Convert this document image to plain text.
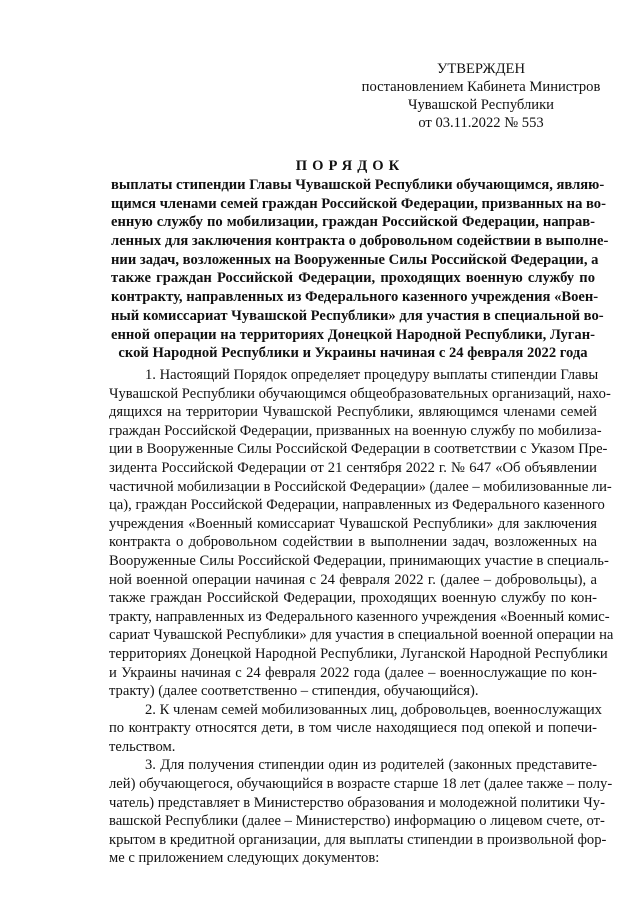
УТВЕРЖДЕН
постановлением Кабинета Министров
Чувашской Республики
от 03.11.2022 № 553
ПОРЯДОК
выплаты стипендии Главы Чувашской Республики обучающимся, являю-
щимся членами семей граждан Российской Федерации, призванных на во-
енную службу по мобилизации, граждан Российской Федерации, направ-
ленных для заключения контракта о добровольном содействии в выполне-
нии задач, возложенных на Вооруженные Силы Российской Федерации, а
также граждан Российской Федерации, проходящих военную службу по
контракту, направленных из Федерального казенного учреждения «Воен-
ный комиссариат Чувашской Республики» для участия в специальной во-
енной операции на территориях Донецкой Народной Республики, Луган-
ской Народной Республики и Украины начиная с 24 февраля 2022 года
1. Настоящий Порядок определяет процедуру выплаты стипендии Главы
Чувашской Республики обучающимся общеобразовательных организаций, нахо-
дящихся на территории Чувашской Республики, являющимся членами семей
граждан Российской Федерации, призванных на военную службу по мобилиза-
ции в Вооруженные Силы Российской Федерации в соответствии с Указом Пре-
зидента Российской Федерации от 21 сентября 2022 г. № 647 «Об объявлении
частичной мобилизации в Российской Федерации» (далее – мобилизованные ли-
ца), граждан Российской Федерации, направленных из Федерального казенного
учреждения «Военный комиссариат Чувашской Республики» для заключения
контракта о добровольном содействии в выполнении задач, возложенных на
Вооруженные Силы Российской Федерации, принимающих участие в специаль-
ной военной операции начиная с 24 февраля 2022 г. (далее – добровольцы), а
также граждан Российской Федерации, проходящих военную службу по кон-
тракту, направленных из Федерального казенного учреждения «Военный комис-
сариат Чувашской Республики» для участия в специальной военной операции на
территориях Донецкой Народной Республики, Луганской Народной Республики
и Украины начиная с 24 февраля 2022 года (далее – военнослужащие по кон-
тракту) (далее соответственно – стипендия, обучающийся).
2. К членам семей мобилизованных лиц, добровольцев, военнослужащих
по контракту относятся дети, в том числе находящиеся под опекой и попечи-
тельством.
3. Для получения стипендии один из родителей (законных представите-
лей) обучающегося, обучающийся в возрасте старше 18 лет (далее также – полу-
чатель) представляет в Министерство образования и молодежной политики Чу-
вашской Республики (далее – Министерство) информацию о лицевом счете, от-
крытом в кредитной организации, для выплаты стипендии в произвольной фор-
ме с приложением следующих документов:
